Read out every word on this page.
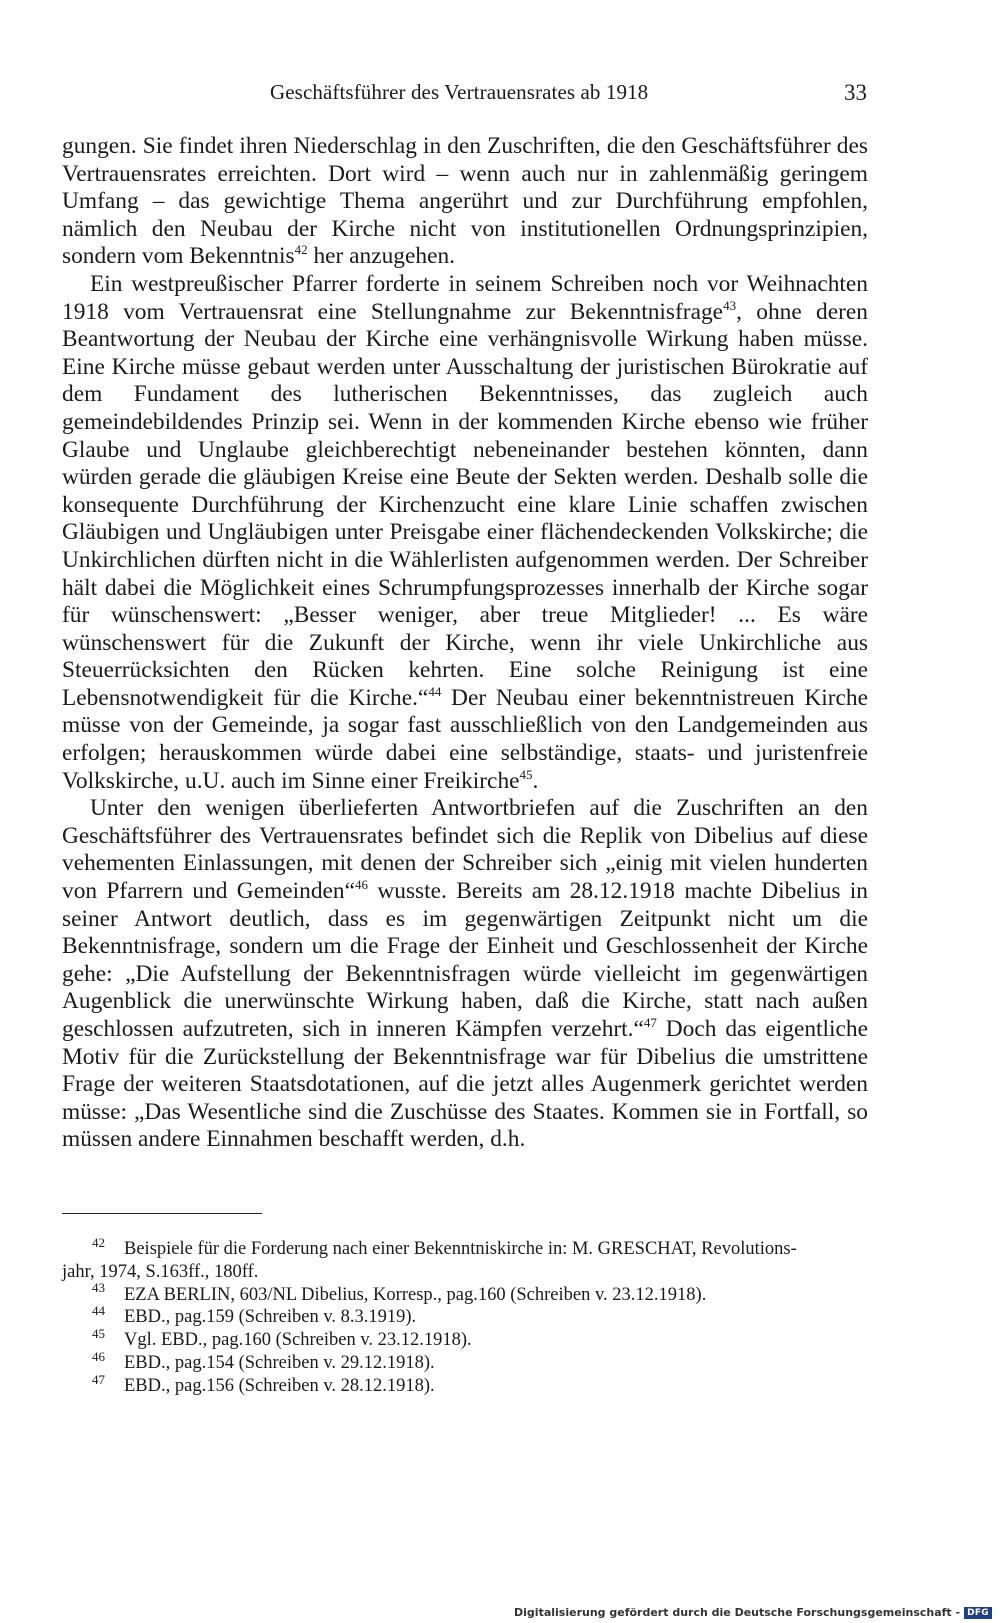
Geschäftsführer des Vertrauensrates ab 1918	33

gungen. Sie findet ihren Niederschlag in den Zuschriften, die den Geschäftsführer des Vertrauensrates erreichten. Dort wird – wenn auch nur in zahlenmäßig geringem Umfang – das gewichtige Thema angerührt und zur Durchführung empfohlen, nämlich den Neubau der Kirche nicht von institutionellen Ordnungsprinzipien, sondern vom Bekenntnis$^{42}$ her anzugehen.

Ein westpreußischer Pfarrer forderte in seinem Schreiben noch vor Weihnachten 1918 vom Vertrauensrat eine Stellungnahme zur Bekenntnisfrage$^{43}$, ohne deren Beantwortung der Neubau der Kirche eine verhängnisvolle Wirkung haben müsse. Eine Kirche müsse gebaut werden unter Ausschaltung der juristischen Bürokratie auf dem Fundament des lutherischen Bekenntnisses, das zugleich auch gemeindebildendes Prinzip sei. Wenn in der kommenden Kirche ebenso wie früher Glaube und Unglaube gleichberechtigt nebeneinander bestehen könnten, dann würden gerade die gläubigen Kreise eine Beute der Sekten werden. Deshalb solle die konsequente Durchführung der Kirchenzucht eine klare Linie schaffen zwischen Gläubigen und Ungläubigen unter Preisgabe einer flächendeckenden Volkskirche; die Unkirchlichen dürften nicht in die Wählerlisten aufgenommen werden. Der Schreiber hält dabei die Möglichkeit eines Schrumpfungsprozesses innerhalb der Kirche sogar für wünschenswert: „Besser weniger, aber treue Mitglieder! ... Es wäre wünschenswert für die Zukunft der Kirche, wenn ihr viele Unkirchliche aus Steuerrücksichten den Rücken kehrten. Eine solche Reinigung ist eine Lebensnotwendigkeit für die Kirche.“$^{44}$ Der Neubau einer bekenntnistreuen Kirche müsse von der Gemeinde, ja sogar fast ausschließlich von den Landgemeinden aus erfolgen; herauskommen würde dabei eine selbständige, staats- und juristenfreie Volkskirche, u.U. auch im Sinne einer Freikirche$^{45}$.

Unter den wenigen überlieferten Antwortbriefen auf die Zuschriften an den Geschäftsführer des Vertrauensrates befindet sich die Replik von Dibelius auf diese vehementen Einlassungen, mit denen der Schreiber sich „einig mit vielen hunderten von Pfarrern und Gemeinden“$^{46}$ wusste. Bereits am 28.12.1918 machte Dibelius in seiner Antwort deutlich, dass es im gegenwärtigen Zeitpunkt nicht um die Bekenntnisfrage, sondern um die Frage der Einheit und Geschlossenheit der Kirche gehe: „Die Aufstellung der Bekenntnisfragen würde vielleicht im gegenwärtigen Augenblick die unerwünschte Wirkung haben, daß die Kirche, statt nach außen geschlossen aufzutreten, sich in inneren Kämpfen verzehrt.“$^{47}$ Doch das eigentliche Motiv für die Zurückstellung der Bekenntnisfrage war für Dibelius die umstrittene Frage der weiteren Staatsdotationen, auf die jetzt alles Augenmerk gerichtet werden müsse: „Das Wesentliche sind die Zuschüsse des Staates. Kommen sie in Fortfall, so müssen andere Einnahmen beschafft werden, d.h.

42 Beispiele für die Forderung nach einer Bekenntniskirche in: M. GRESCHAT, Revolutions-
jahr, 1974, S.163ff., 180ff.

43 EZA BERLIN, 603/NL Dibelius, Korresp., pag.160 (Schreiben v. 23.12.1918).

44 EBD., pag.159 (Schreiben v. 8.3.1919).

45 Vgl. EBD., pag.160 (Schreiben v. 23.12.1918).

46 EBD., pag.154 (Schreiben v. 29.12.1918).

47 EBD., pag.156 (Schreiben v. 28.12.1918).

Digitalisierung gefördert durch die Deutsche Forschungsgemeinschaft - DFG
